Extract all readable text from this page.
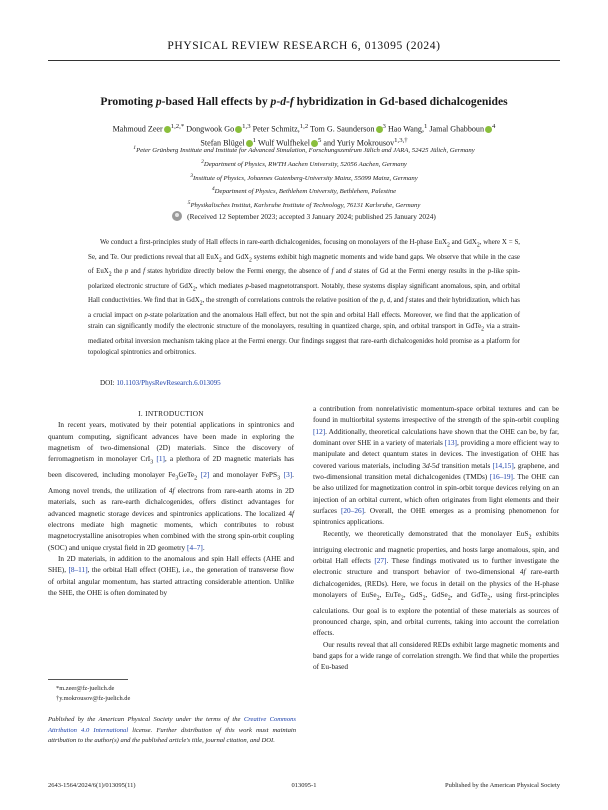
PHYSICAL REVIEW RESEARCH 6, 013095 (2024)
Promoting p-based Hall effects by p-d-f hybridization in Gd-based dichalcogenides
Mahmoud Zeer $^{1,2,*}$ Dongwook Go $^{1,3}$ Peter Schmitz,$^{1,2}$ Tom G. Saunderson $^3$ Hao Wang,$^1$ Jamal Ghabboun $^4$
Stefan Blügel $^1$ Wulf Wulfhekel $^5$ and Yuriy Mokrousov$^{1,3,\dagger}$
$^1$Peter Grünberg Institute and Institute for Advanced Simulation, Forschungszentrum Jülich and JARA, 52425 Jülich, Germany
$^2$Department of Physics, RWTH Aachen University, 52056 Aachen, Germany
$^3$Institute of Physics, Johannes Gutenberg-University Mainz, 55099 Mainz, Germany
$^4$Department of Physics, Bethlehem University, Bethlehem, Palestine
$^5$Physikalisches Institut, Karlsruhe Institute of Technology, 76131 Karlsruhe, Germany
(Received 12 September 2023; accepted 3 January 2024; published 25 January 2024)

We conduct a first-principles study of Hall effects in rare-earth dichalcogenides, focusing on monolayers of the H-phase EuX$_2$ and GdX$_2$, where X = S, Se, and Te. Our predictions reveal that all EuX$_2$ and GdX$_2$ systems exhibit high magnetic moments and wide band gaps. We observe that while in the case of EuX$_2$ the p and f states hybridize directly below the Fermi energy, the absence of f and d states of Gd at the Fermi energy results in the p-like spin-polarized electronic structure of GdX$_2$, which mediates p-based magnetotransport. Notably, these systems display significant anomalous, spin, and orbital Hall conductivities. We find that in GdX$_2$, the strength of correlations controls the relative position of the p, d, and f states and their hybridization, which has a crucial impact on p-state polarization and the anomalous Hall effect, but not the spin and orbital Hall effects. Moreover, we find that the application of strain can significantly modify the electronic structure of the monolayers, resulting in quantized charge, spin, and orbital transport in GdTe$_2$ via a strain-mediated orbital inversion mechanism taking place at the Fermi energy. Our findings suggest that rare-earth dichalcogenides hold promise as a platform for topological spintronics and orbitronics.

DOI: 10.1103/PhysRevResearch.6.013095

I. INTRODUCTION

In recent years, motivated by their potential applications in spintronics and quantum computing, significant advances have been made in exploring the magnetism of two-dimensional (2D) materials. Since the discovery of ferromagnetism in monolayer CrI$_3$ [1], a plethora of 2D magnetic materials has been discovered, including monolayer $Fe_3GeTe_2$ [2] and monolayer FePS$_3$ [3]. Among novel trends, the utilization of 4f electrons from rare-earth atoms in 2D materials, such as rare-earth dichalcogenides, offers distinct advantages for advanced magnetic storage devices and spintronics applications. The localized 4f electrons mediate high magnetic moments, which contributes to robust magnetocrystalline anisotropies when combined with the strong spin-orbit coupling (SOC) and unique crystal field in 2D geometry [4–7].

In 2D materials, in addition to the anomalous and spin Hall effects (AHE and SHE), [8–11], the orbital Hall effect (OHE), i.e., the generation of transverse flow of orbital angular momentum, has started attracting considerable attention. Unlike the SHE, the OHE is often dominated by

a contribution from nonrelativistic momentum-space orbital textures and can be found in multiorbital systems irrespective of the strength of the spin-orbit coupling [12]. Additionally, theoretical calculations have shown that the OHE can be, by far, dominant over SHE in a variety of materials [13], providing a more efficient way to manipulate and detect quantum states in devices. The investigation of OHE has covered various materials, including 3d-5d transition metals [14,15], graphene, and two-dimensional transition metal dichalcogenides (TMDs) [16–19]. The OHE can be also utilized for magnetization control in spin-orbit torque devices relying on an injection of an orbital current, which often originates from light elements and their surfaces [20–26]. Overall, the OHE emerges as a promising phenomenon for spintronics applications.

Recently, we theoretically demonstrated that the monolayer EuS$_2$ exhibits intriguing electronic and magnetic properties, and hosts large anomalous, spin, and orbital Hall effects [27]. These findings motivated us to further investigate the electronic structure and transport behavior of two-dimensional 4f rare-earth dichalcogenides, (REDs). Here, we focus in detail on the physics of the H-phase monolayers of EuSe$_2$, EuTe$_2$, GdS$_2$, GdSe$_2$, and GdTe$_2$, using first-principles calculations. Our goal is to explore the potential of these materials as sources of pronounced charge, spin, and orbital currents, taking into account the correlation effects.

Our results reveal that all considered REDs exhibit large magnetic moments and band gaps for a wide range of correlation strength. We find that while the properties of Eu-based

*m.zeer@fz-juelich.de
†y.mokrousov@fz-juelich.de
Published by the American Physical Society under the terms of the Creative Commons Attribution 4.0 International license. Further distribution of this work must maintain attribution to the author(s) and the published article's title, journal citation, and DOI.
2643-1564/2024/6(1)/013095(11)	013095-1	Published by the American Physical Society
